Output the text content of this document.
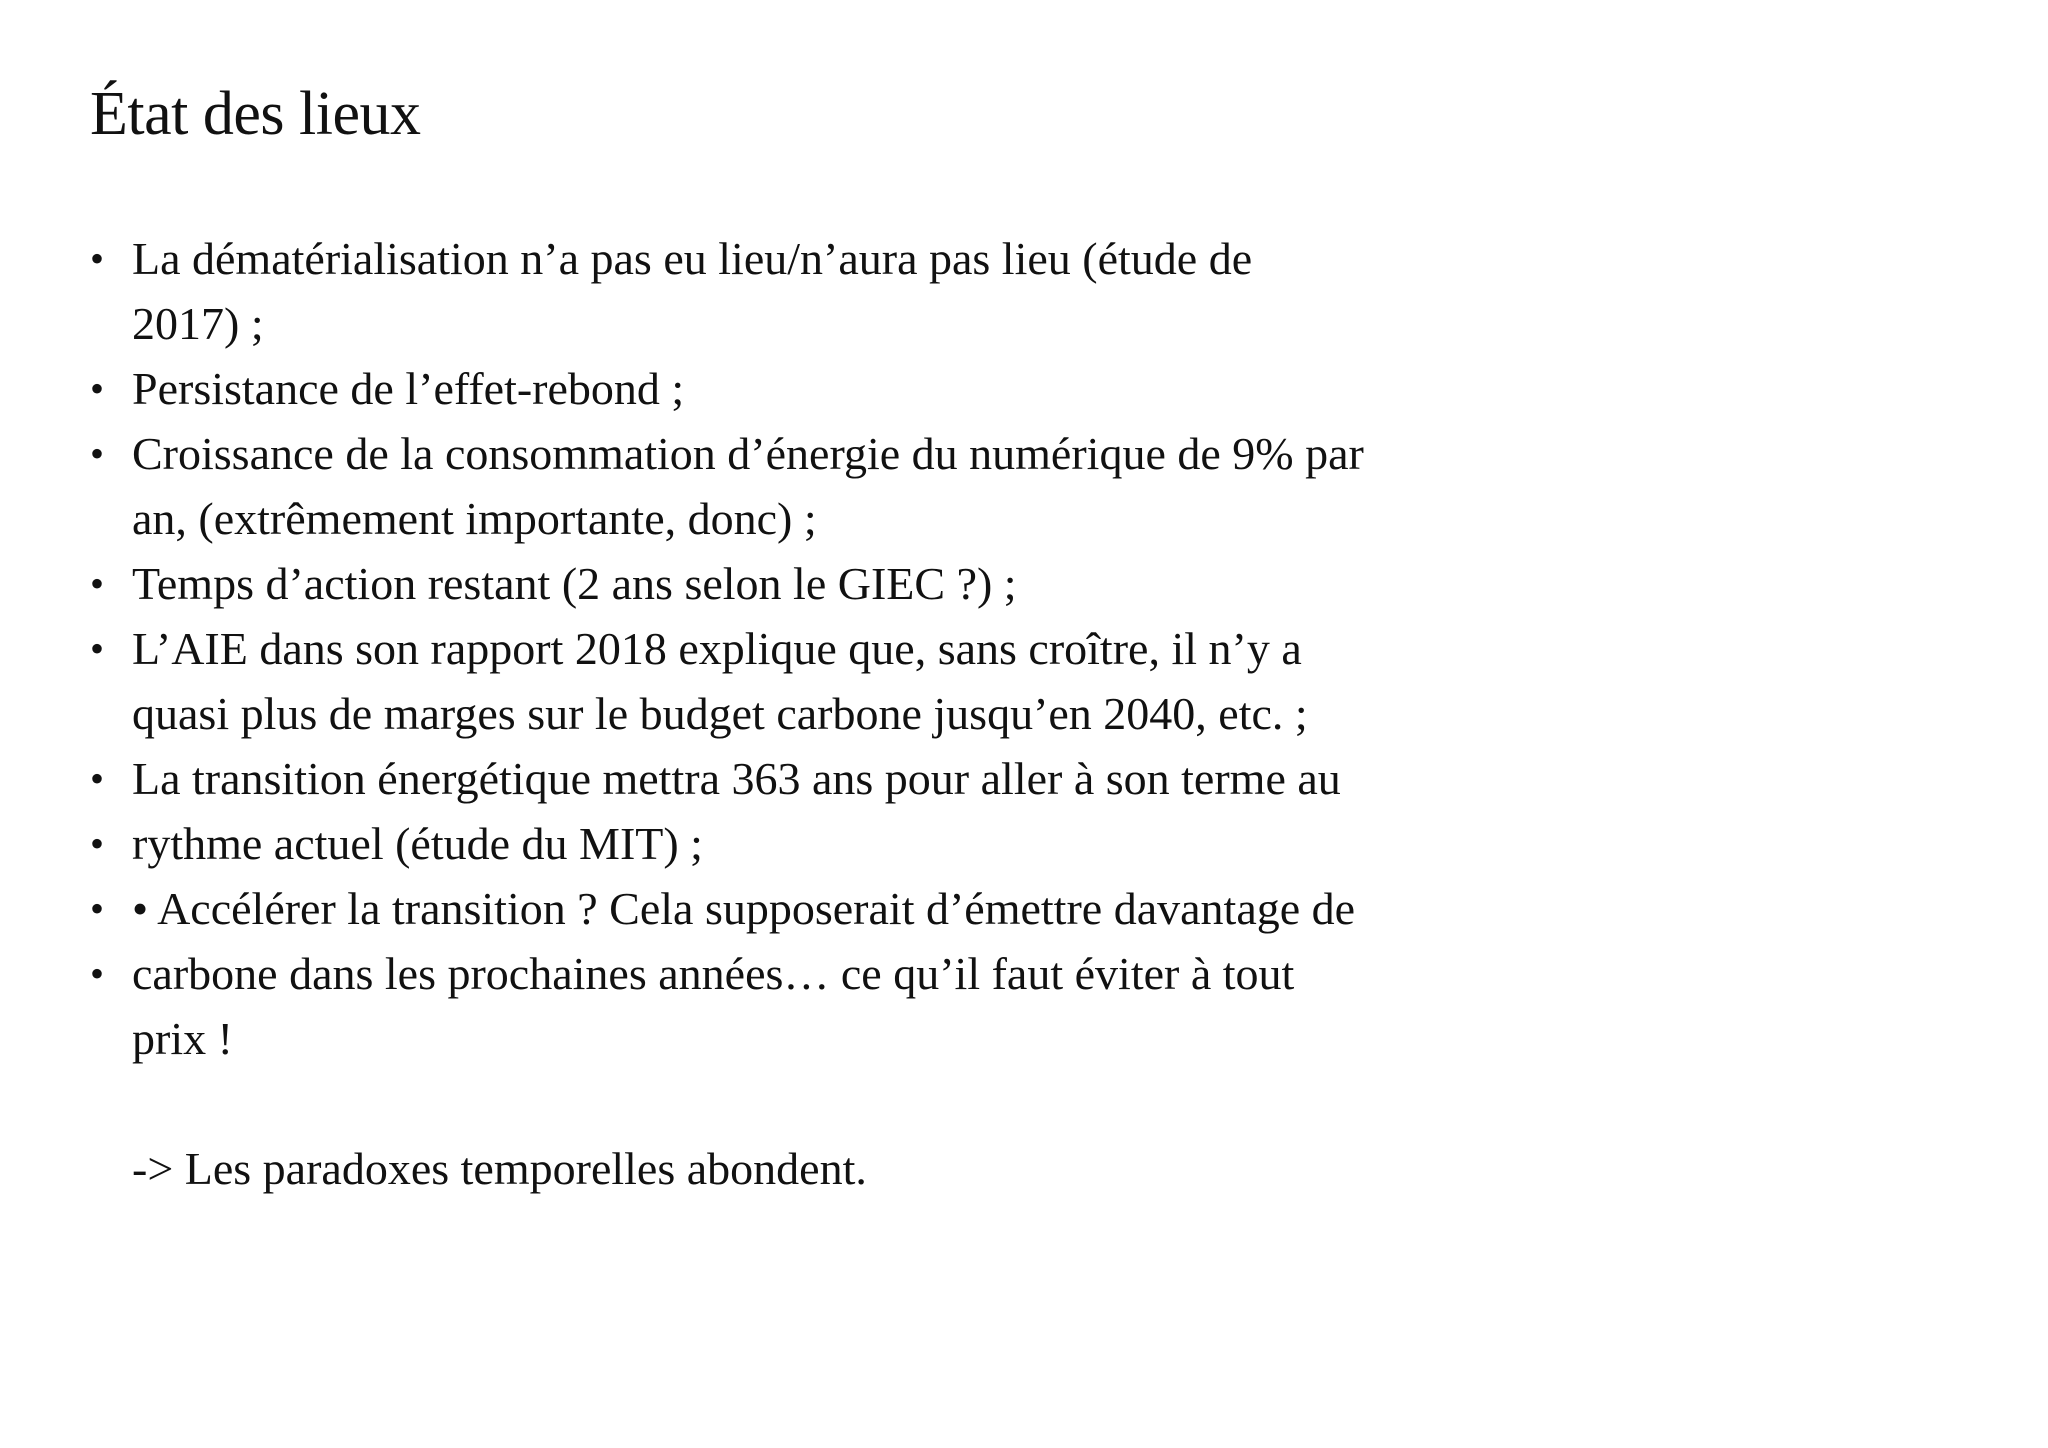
État des lieux
• La dématérialisation n’a pas eu lieu/n’aura pas lieu (étude de 2017) ;
• Persistance de l’effet-rebond ;
• Croissance de la consommation d’énergie du numérique de 9% par an, (extrêmement importante, donc) ;
• Temps d’action restant (2 ans selon le GIEC ?) ;
• L’AIE dans son rapport 2018 explique que, sans croître, il n’y a quasi plus de marges sur le budget carbone jusqu’en 2040, etc. ;
• La transition énergétique mettra 363 ans pour aller à son terme au
• rythme actuel (étude du MIT) ;
• • Accélérer la transition ? Cela supposerait d’émettre davantage de
• carbone dans les prochaines années… ce qu’il faut éviter à tout prix !

-> Les paradoxes temporelles abondent.
